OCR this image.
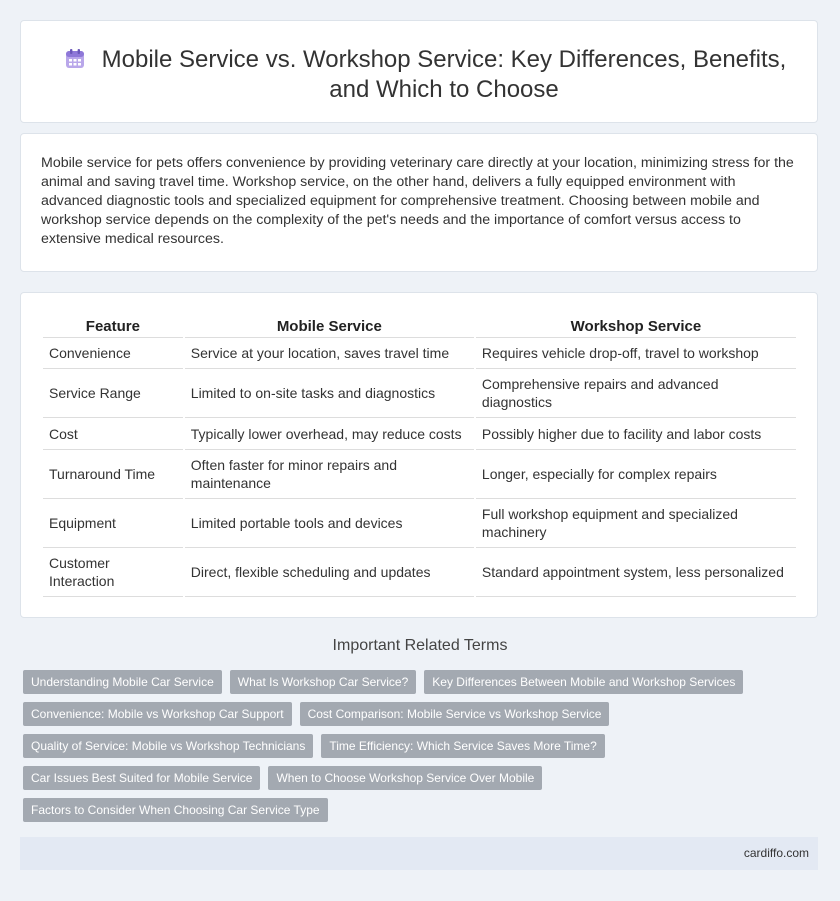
Mobile Service vs. Workshop Service: Key Differences, Benefits, and Which to Choose

Mobile service for pets offers convenience by providing veterinary care directly at your location, minimizing stress for the animal and saving travel time. Workshop service, on the other hand, delivers a fully equipped environment with advanced diagnostic tools and specialized equipment for comprehensive treatment. Choosing between mobile and workshop service depends on the complexity of the pet's needs and the importance of comfort versus access to extensive medical resources.

Feature	Mobile Service	Workshop Service
Convenience	Service at your location, saves travel time	Requires vehicle drop-off, travel to workshop
Service Range	Limited to on-site tasks and diagnostics	Comprehensive repairs and advanced diagnostics
Cost	Typically lower overhead, may reduce costs	Possibly higher due to facility and labor costs
Turnaround Time	Often faster for minor repairs and maintenance	Longer, especially for complex repairs
Equipment	Limited portable tools and devices	Full workshop equipment and specialized machinery
Customer Interaction	Direct, flexible scheduling and updates	Standard appointment system, less personalized
Important Related Terms
Understanding Mobile Car Service	What Is Workshop Car Service?	Key Differences Between Mobile and Workshop Services
Convenience: Mobile vs Workshop Car Support	Cost Comparison: Mobile Service vs Workshop Service
Quality of Service: Mobile vs Workshop Technicians	Time Efficiency: Which Service Saves More Time?
Car Issues Best Suited for Mobile Service	When to Choose Workshop Service Over Mobile
Factors to Consider When Choosing Car Service Type
cardiffo.com
